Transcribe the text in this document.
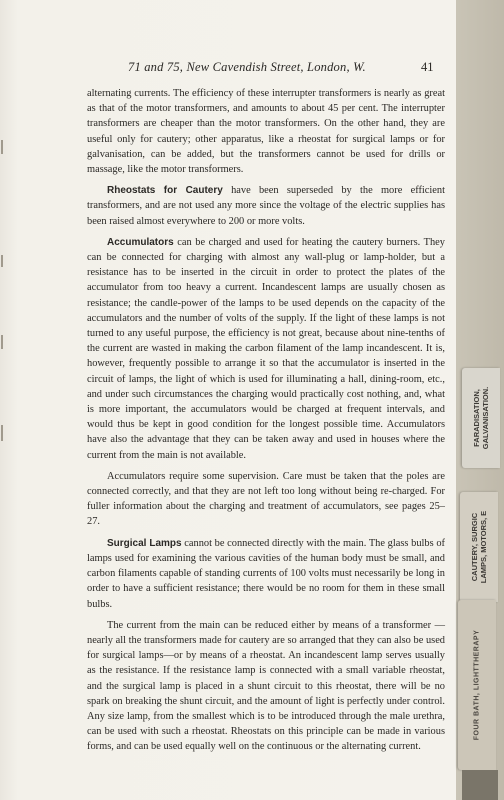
71 and 75, New Cavendish Street, London, W.	41

alternating currents. The efficiency of these interrupter transformers is nearly as great as that of the motor transformers, and amounts to about 45 per cent. The interrupter transformers are cheaper than the motor transformers. On the other hand, they are useful only for cautery; other apparatus, like a rheostat for surgical lamps or for galvanisation, can be added, but the transformers cannot be used for drills or massage, like the motor transformers.

Rheostats for Cautery have been superseded by the more efficient transformers, and are not used any more since the voltage of the electric supplies has been raised almost everywhere to 200 or more volts.

Accumulators can be charged and used for heating the cautery burners. They can be connected for charging with almost any wall-plug or lamp-holder, but a resistance has to be inserted in the circuit in order to protect the plates of the accumulator from too heavy a current. Incandescent lamps are usually chosen as resistance; the candle-power of the lamps to be used depends on the capacity of the accumulators and the number of volts of the supply. If the light of these lamps is not turned to any useful purpose, the efficiency is not great, because about nine-tenths of the current are wasted in making the carbon filament of the lamp incandescent. It is, however, frequently possible to arrange it so that the accumulator is inserted in the circuit of lamps, the light of which is used for illuminating a hall, dining-room, etc., and under such circumstances the charging would practically cost nothing, and, what is more important, the accumulators would be charged at frequent intervals, and would thus be kept in good condition for the longest possible time. Accumulators have also the advantage that they can be taken away and used in houses where the current from the main is not available.

Accumulators require some supervision. Care must be taken that the poles are connected correctly, and that they are not left too long without being re-charged. For fuller information about the charging and treatment of accumulators, see pages 25–27.

Surgical Lamps cannot be connected directly with the main. The glass bulbs of lamps used for examining the various cavities of the human body must be small, and carbon filaments capable of standing currents of 100 volts must necessarily be long in order to have a sufficient resistance; there would be no room for them in these small bulbs.

The current from the main can be reduced either by means of a transformer —nearly all the transformers made for cautery are so arranged that they can also be used for surgical lamps—or by means of a rheostat. An incandescent lamp serves usually as the resistance. If the resistance lamp is connected with a small variable rheostat, and the surgical lamp is placed in a shunt circuit to this rheostat, there will be no spark on breaking the shunt circuit, and the amount of light is perfectly under control. Any size lamp, from the smallest which is to be introduced through the male urethra, can be used with such a rheostat. Rheostats on this principle can be made in various forms, and can be used equally well on the continuous or the alternating current.

FARADISATION,
GALVANISATION.
CAUTERY, SURGIC
LAMPS, MOTORS, E
FOUR BATH, LIGHTTHERAPY
